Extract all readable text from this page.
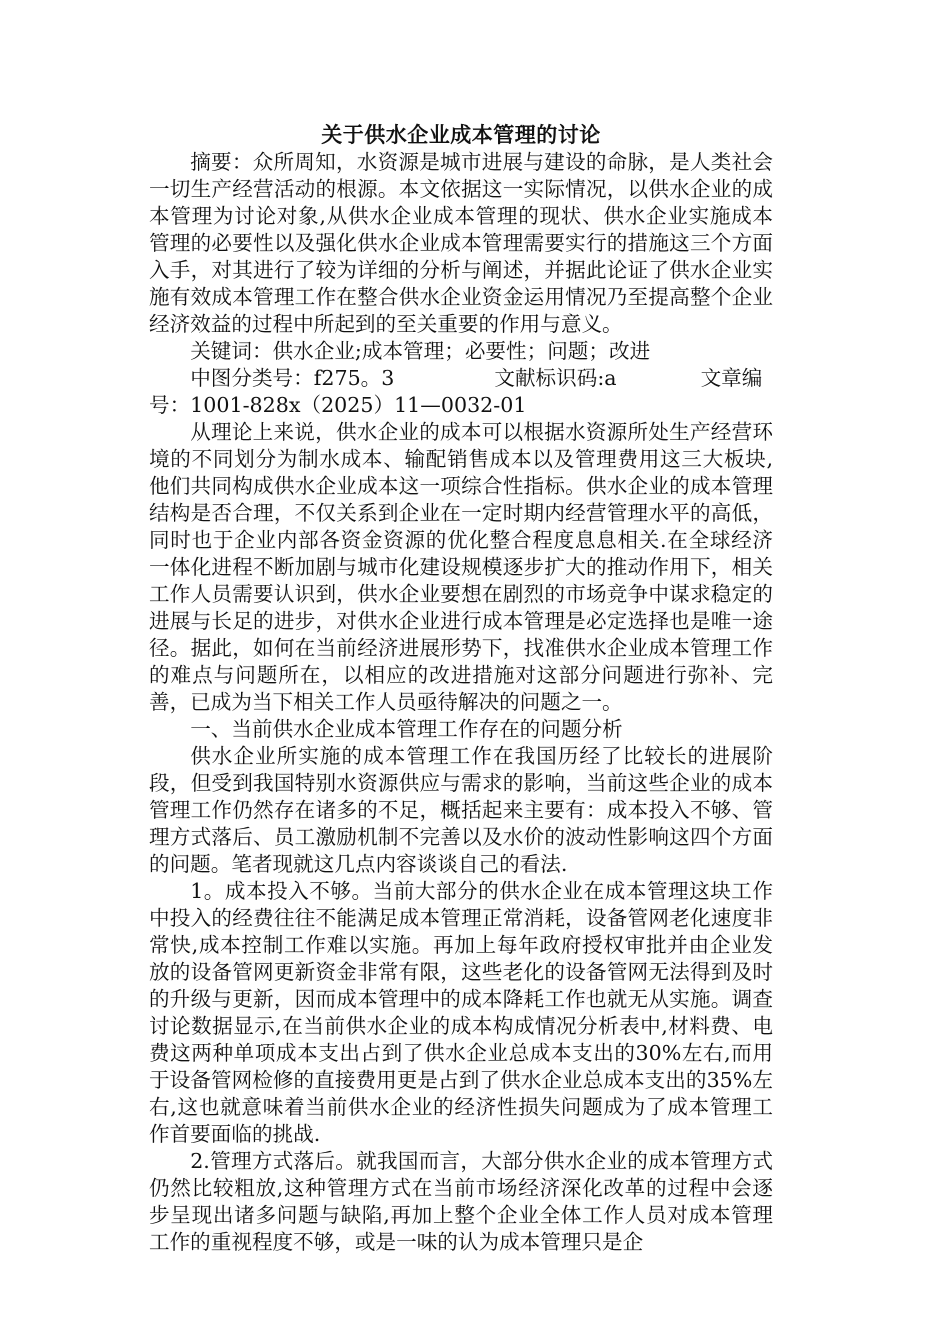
关于供水企业成本管理的讨论

摘要：众所周知，水资源是城市进展与建设的命脉，是人类社会一切生产经营活动的根源。本文依据这一实际情况，以供水企业的成本管理为讨论对象,从供水企业成本管理的现状、供水企业实施成本管理的必要性以及强化供水企业成本管理需要实行的措施这三个方面入手，对其进行了较为详细的分析与阐述，并据此论证了供水企业实施有效成本管理工作在整合供水企业资金运用情况乃至提高整个企业经济效益的过程中所起到的至关重要的作用与意义。

关键词：供水企业;成本管理；必要性；问题；改进

中图分类号：f275。3	文献标识码:a	文章编

号：1001-828x（2025）11—0032-01

从理论上来说，供水企业的成本可以根据水资源所处生产经营环境的不同划分为制水成本、输配销售成本以及管理费用这三大板块,他们共同构成供水企业成本这一项综合性指标。供水企业的成本管理结构是否合理，不仅关系到企业在一定时期内经营管理水平的高低，同时也于企业内部各资金资源的优化整合程度息息相关.在全球经济一体化进程不断加剧与城市化建设规模逐步扩大的推动作用下，相关工作人员需要认识到，供水企业要想在剧烈的市场竞争中谋求稳定的进展与长足的进步，对供水企业进行成本管理是必定选择也是唯一途径。据此，如何在当前经济进展形势下，找准供水企业成本管理工作的难点与问题所在，以相应的改进措施对这部分问题进行弥补、完善，已成为当下相关工作人员亟待解决的问题之一。

一、当前供水企业成本管理工作存在的问题分析

供水企业所实施的成本管理工作在我国历经了比较长的进展阶段，但受到我国特别水资源供应与需求的影响，当前这些企业的成本管理工作仍然存在诸多的不足，概括起来主要有：成本投入不够、管理方式落后、员工激励机制不完善以及水价的波动性影响这四个方面的问题。笔者现就这几点内容谈谈自己的看法.

1。成本投入不够。当前大部分的供水企业在成本管理这块工作中投入的经费往往不能满足成本管理正常消耗，设备管网老化速度非常快,成本控制工作难以实施。再加上每年政府授权审批并由企业发放的设备管网更新资金非常有限，这些老化的设备管网无法得到及时的升级与更新，因而成本管理中的成本降耗工作也就无从实施。调查讨论数据显示,在当前供水企业的成本构成情况分析表中,材料费、电费这两种单项成本支出占到了供水企业总成本支出的30%左右,而用于设备管网检修的直接费用更是占到了供水企业总成本支出的35%左右,这也就意味着当前供水企业的经济性损失问题成为了成本管理工作首要面临的挑战.

2.管理方式落后。就我国而言，大部分供水企业的成本管理方式仍然比较粗放,这种管理方式在当前市场经济深化改革的过程中会逐步呈现出诸多问题与缺陷,再加上整个企业全体工作人员对成本管理工作的重视程度不够，或是一味的认为成本管理只是企
